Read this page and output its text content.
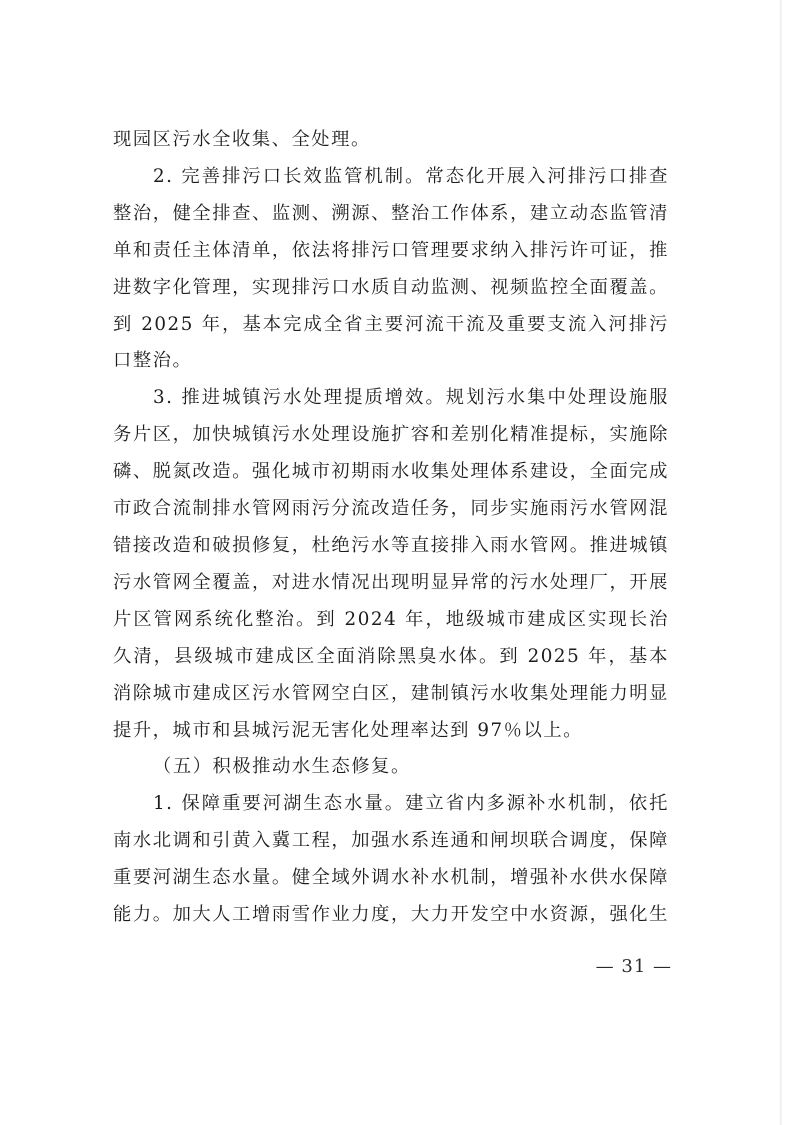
现园区污水全收集、全处理。

2. 完善排污口长效监管机制。常态化开展入河排污口排查整治，健全排查、监测、溯源、整治工作体系，建立动态监管清单和责任主体清单，依法将排污口管理要求纳入排污许可证，推进数字化管理，实现排污口水质自动监测、视频监控全面覆盖。到 2025 年，基本完成全省主要河流干流及重要支流入河排污口整治。

3. 推进城镇污水处理提质增效。规划污水集中处理设施服务片区，加快城镇污水处理设施扩容和差别化精准提标，实施除磷、脱氮改造。强化城市初期雨水收集处理体系建设，全面完成市政合流制排水管网雨污分流改造任务，同步实施雨污水管网混错接改造和破损修复，杜绝污水等直接排入雨水管网。推进城镇污水管网全覆盖，对进水情况出现明显异常的污水处理厂，开展片区管网系统化整治。到 2024 年，地级城市建成区实现长治久清，县级城市建成区全面消除黑臭水体。到 2025 年，基本消除城市建成区污水管网空白区，建制镇污水收集处理能力明显提升，城市和县城污泥无害化处理率达到 97％以上。

（五）积极推动水生态修复。

1. 保障重要河湖生态水量。建立省内多源补水机制，依托南水北调和引黄入冀工程，加强水系连通和闸坝联合调度，保障重要河湖生态水量。健全域外调水补水机制，增强补水供水保障能力。加大人工增雨雪作业力度，大力开发空中水资源，强化生

— 31 —
